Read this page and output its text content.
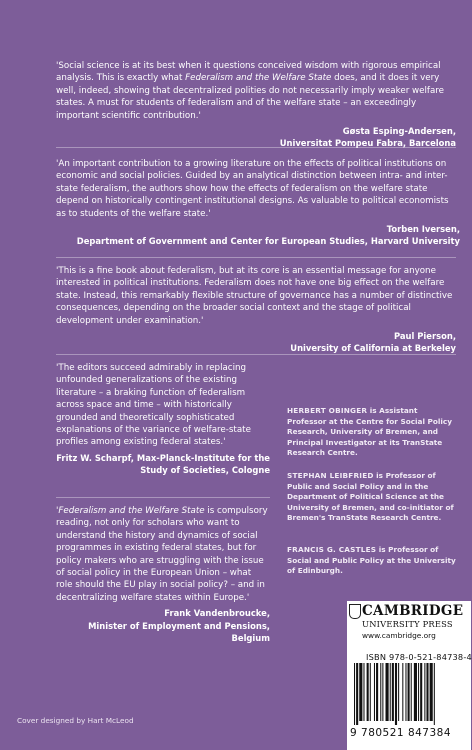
'Social science is at its best when it questions conceived wisdom with rigorous empirical analysis. This is exactly what Federalism and the Welfare State does, and it does it very well, indeed, showing that decentralized polities do not necessarily imply weaker welfare states. A must for students of federalism and of the welfare state – an exceedingly important scientific contribution.'
Gøsta Esping-Andersen,
Universitat Pompeu Fabra, Barcelona

'An important contribution to a growing literature on the effects of political institutions on economic and social policies. Guided by an analytical distinction between intra- and inter-state federalism, the authors show how the effects of federalism on the welfare state depend on historically contingent institutional designs. As valuable to political economists as to students of the welfare state.'
Torben Iversen,
Department of Government and Center for European Studies, Harvard University

'This is a fine book about federalism, but at its core is an essential message for anyone interested in political institutions. Federalism does not have one big effect on the welfare state. Instead, this remarkably flexible structure of governance has a number of distinctive consequences, depending on the broader social context and the stage of political development under examination.'
Paul Pierson,
University of California at Berkeley

'The editors succeed admirably in replacing unfounded generalizations of the existing literature – a braking function of federalism across space and time – with historically grounded and theoretically sophisticated explanations of the variance of welfare-state profiles among existing federal states.'
Fritz W. Scharpf, Max-Planck-Institute for the
Study of Societies, Cologne

'Federalism and the Welfare State is compulsory reading, not only for scholars who want to understand the history and dynamics of social programmes in existing federal states, but for policy makers who are struggling with the issue of social policy in the European Union – what role should the EU play in social policy? – and in decentralizing welfare states within Europe.'
Frank Vandenbroucke,
Minister of Employment and Pensions, Belgium

HERBERT OBINGER is Assistant Professor at the Centre for Social Policy Research, University of Bremen, and Principal Investigator at its TranState Research Centre.
STEPHAN LEIBFRIED is Professor of Public and Social Policy and in the Department of Political Science at the University of Bremen, and co-initiator of Bremen's TranState Research Centre.
FRANCIS G. CASTLES is Professor of Social and Public Policy at the University of Edinburgh.
CAMBRIDGE
UNIVERSITY PRESS
www.cambridge.org
ISBN 978-0-521-84738-4
9 780521 847384
Cover designed by Hart McLeod
